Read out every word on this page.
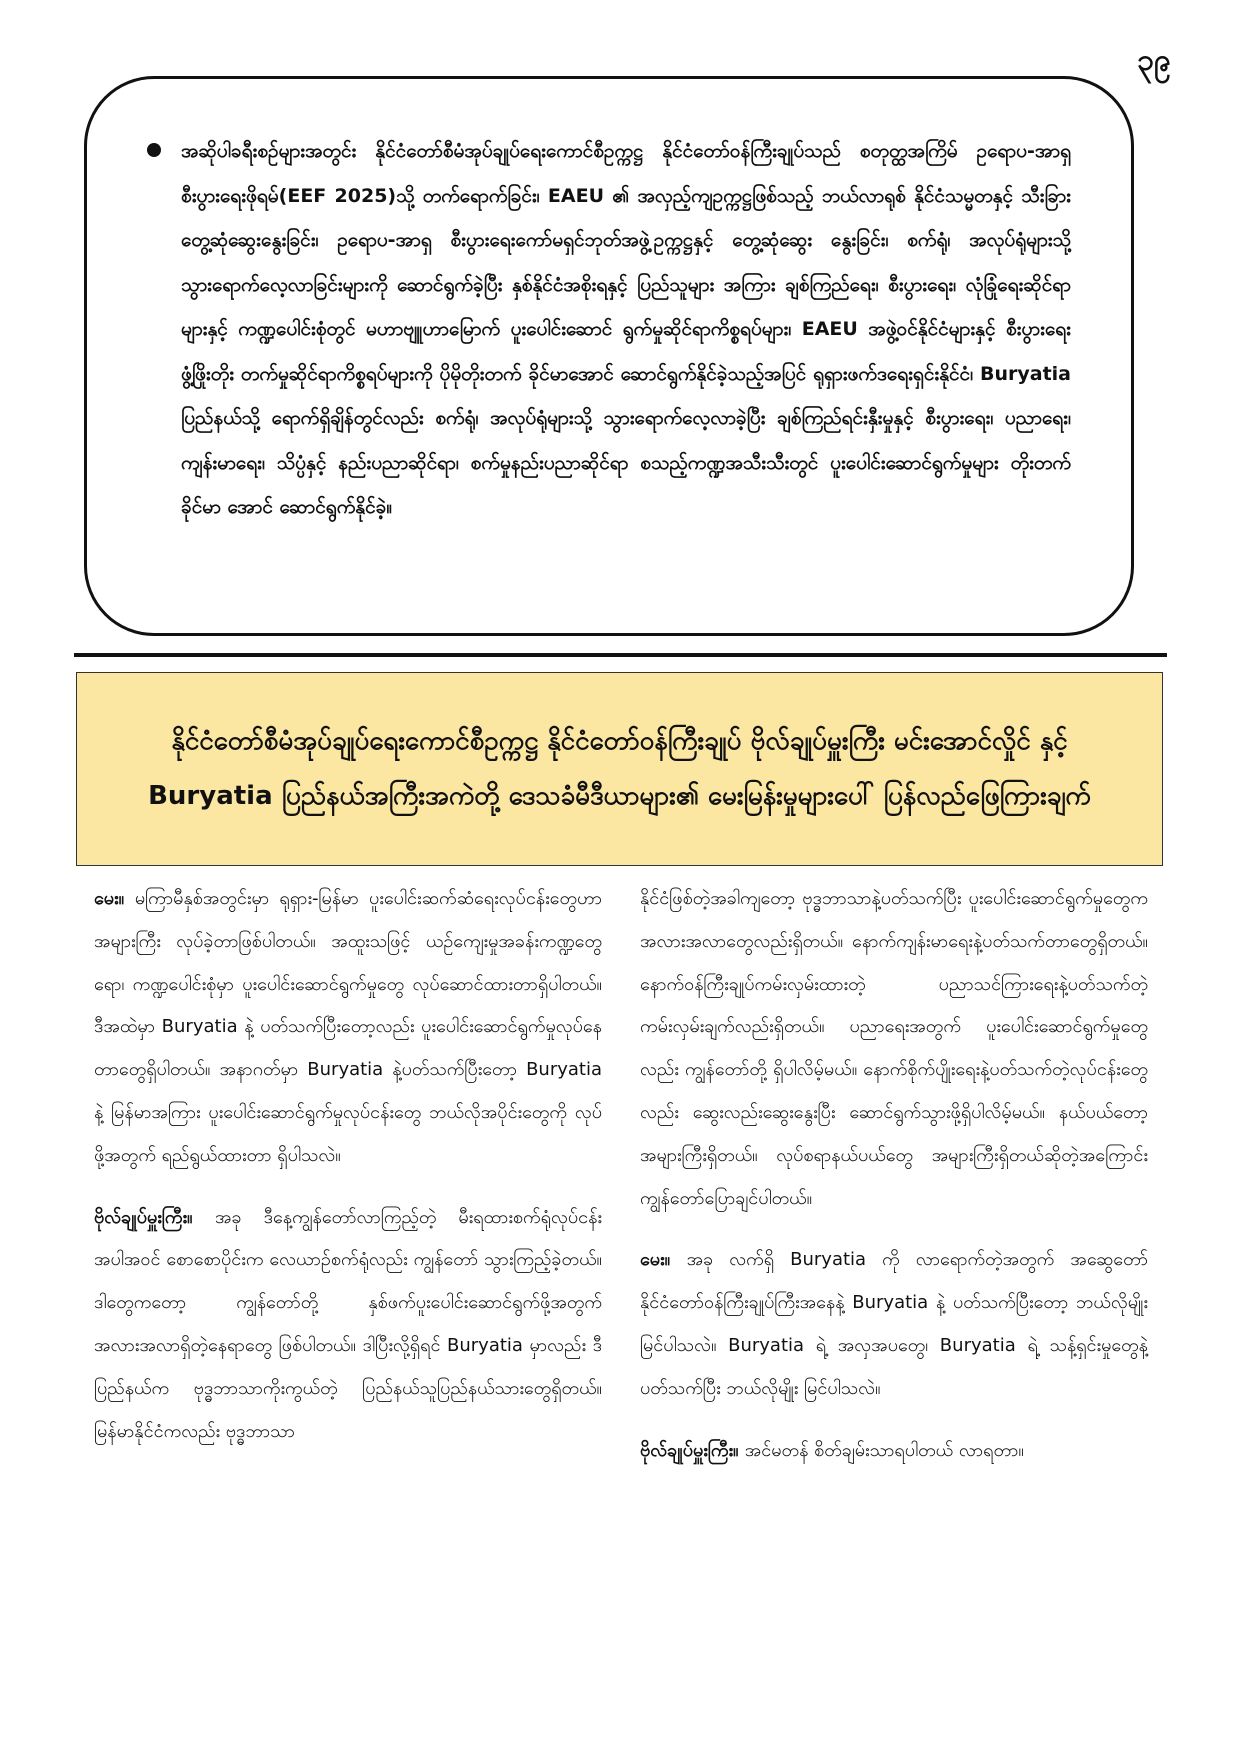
၃၉
အဆိုပါခရီးစဉ်များအတွင်း နိုင်ငံတော်စီမံအုပ်ချုပ်ရေးကောင်စီဥက္ကဋ္ဌ နိုင်ငံတော်ဝန်ကြီးချုပ်သည် စတုတ္ထအကြိမ် ဥရောပ-အာရှ စီးပွားရေးဖိုရမ်(EEF 2025)သို့ တက်ရောက်ခြင်း၊ EAEU ၏ အလှည့်ကျဥက္ကဋ္ဌဖြစ်သည့် ဘယ်လာရုစ် နိုင်ငံသမ္မတနှင့် သီးခြားတွေ့ဆုံဆွေးနွေးခြင်း၊ ဥရောပ-အာရှ စီးပွားရေးကော်မရှင်ဘုတ်အဖွဲ့ဥက္ကဋ္ဌနှင့် တွေ့ဆုံဆွေး နွေးခြင်း၊ စက်ရုံ၊ အလုပ်ရုံများသို့ သွားရောက်လေ့လာခြင်းများကို ဆောင်ရွက်ခဲ့ပြီး နှစ်နိုင်ငံအစိုးရနှင့် ပြည်သူများ အကြား ချစ်ကြည်ရေး၊ စီးပွားရေး၊ လုံခြုံရေးဆိုင်ရာများနှင့် ကဏ္ဍပေါင်းစုံတွင် မဟာဗျူဟာမြောက် ပူးပေါင်းဆောင် ရွက်မှုဆိုင်ရာကိစ္စရပ်များ၊ EAEU အဖွဲ့ဝင်နိုင်ငံများနှင့် စီးပွားရေးဖွံ့ဖြိုးတိုး တက်မှုဆိုင်ရာကိစ္စရပ်များကို ပိုမိုတိုးတက် ခိုင်မာအောင် ဆောင်ရွက်နိုင်ခဲ့သည့်အပြင် ရုရှားဖက်ဒရေးရှင်းနိုင်ငံ၊ Buryatia ပြည်နယ်သို့ ရောက်ရှိချိန်တွင်လည်း စက်ရုံ၊ အလုပ်ရုံများသို့ သွားရောက်လေ့လာခဲ့ပြီး ချစ်ကြည်ရင်းနှီးမှုနှင့် စီးပွားရေး၊ ပညာရေး၊ ကျန်းမာရေး၊ သိပ္ပံနှင့် နည်းပညာဆိုင်ရာ၊ စက်မှုနည်းပညာဆိုင်ရာ စသည့်ကဏ္ဍအသီးသီးတွင် ပူးပေါင်းဆောင်ရွက်မှုများ တိုးတက်ခိုင်မာ အောင် ဆောင်ရွက်နိုင်ခဲ့။
နိုင်ငံတော်စီမံအုပ်ချုပ်ရေးကောင်စီဥက္ကဋ္ဌ နိုင်ငံတော်ဝန်ကြီးချုပ် ဗိုလ်ချုပ်မှူးကြီး မင်းအောင်လှိုင် နှင့် Buryatia ပြည်နယ်အကြီးအကဲတို့ ဒေသခံမီဒီယာများ၏ မေးမြန်းမှုများပေါ် ပြန်လည်ဖြေကြားချက်

မေး။ မကြာမီနှစ်အတွင်းမှာ ရုရှား-မြန်မာ ပူးပေါင်းဆက်ဆံရေးလုပ်ငန်းတွေဟာ အများကြီး လုပ်ခဲ့တာဖြစ်ပါတယ်။ အထူးသဖြင့် ယဉ်ကျေးမှုအခန်းကဏ္ဍတွေရော၊ ကဏ္ဍပေါင်းစုံမှာ ပူးပေါင်းဆောင်ရွက်မှုတွေ လုပ်ဆောင်ထားတာရှိပါတယ်။ ဒီအထဲမှာ Buryatia နဲ့ ပတ်သက်ပြီးတော့လည်း ပူးပေါင်းဆောင်ရွက်မှုလုပ်နေတာတွေရှိပါတယ်။ အနာဂတ်မှာ Buryatia နဲ့ပတ်သက်ပြီးတော့ Buryatia နဲ့ မြန်မာအကြား ပူးပေါင်းဆောင်ရွက်မှုလုပ်ငန်းတွေ ဘယ်လိုအပိုင်းတွေကို လုပ်ဖို့အတွက် ရည်ရွယ်ထားတာ ရှိပါသလဲ။

ဗိုလ်ချုပ်မှူးကြီး။ အခု ဒီနေ့ကျွန်တော်လာကြည့်တဲ့ မီးရထားစက်ရုံလုပ်ငန်းအပါအဝင် စောစောပိုင်းက လေယာဉ်စက်ရုံလည်း ကျွန်တော် သွားကြည့်ခဲ့တယ်။ ဒါတွေကတော့ ကျွန်တော်တို့ နှစ်ဖက်ပူးပေါင်းဆောင်ရွက်ဖို့အတွက် အလားအလာရှိတဲ့နေရာတွေ ဖြစ်ပါတယ်။ ဒါပြီးလို့ရှိရင် Buryatia မှာလည်း ဒီပြည်နယ်က ဗုဒ္ဓဘာသာကိုးကွယ်တဲ့ ပြည်နယ်သူပြည်နယ်သားတွေရှိတယ်။ မြန်မာနိုင်ငံကလည်း ဗုဒ္ဓဘာသာ

နိုင်ငံဖြစ်တဲ့အခါကျတော့ ဗုဒ္ဓဘာသာနဲ့ပတ်သက်ပြီး ပူးပေါင်းဆောင်ရွက်မှုတွေက အလားအလာတွေလည်းရှိတယ်။ နောက်ကျန်းမာရေးနဲ့ပတ်သက်တာတွေရှိတယ်။ နောက်ဝန်ကြီးချုပ်ကမ်းလှမ်းထားတဲ့ ပညာသင်ကြားရေးနဲ့ပတ်သက်တဲ့ ကမ်းလှမ်းချက်လည်းရှိတယ်။ ပညာရေးအတွက် ပူးပေါင်းဆောင်ရွက်မှုတွေလည်း ကျွန်တော်တို့ ရှိပါလိမ့်မယ်။ နောက်စိုက်ပျိုးရေးနဲ့ပတ်သက်တဲ့လုပ်ငန်းတွေလည်း ဆွေးလည်းဆွေးနွေးပြီး ဆောင်ရွက်သွားဖို့ရှိပါလိမ့်မယ်။ နယ်ပယ်တော့ အများကြီးရှိတယ်။ လုပ်စရာနယ်ပယ်တွေ အများကြီးရှိတယ်ဆိုတဲ့အကြောင်း ကျွန်တော်ပြောချင်ပါတယ်။

မေး။ အခု လက်ရှိ Buryatia ကို လာရောက်တဲ့အတွက် အဆွေတော် နိုင်ငံတော်ဝန်ကြီးချုပ်ကြီးအနေနဲ့ Buryatia နဲ့ ပတ်သက်ပြီးတော့ ဘယ်လိုမျိုး မြင်ပါသလဲ။ Buryatia ရဲ့ အလှအပတွေ၊ Buryatia ရဲ့ သန့်ရှင်းမှုတွေနဲ့ ပတ်သက်ပြီး ဘယ်လိုမျိုး မြင်ပါသလဲ။

ဗိုလ်ချုပ်မှူးကြီး။ အင်မတန် စိတ်ချမ်းသာရပါတယ် လာရတာ။
